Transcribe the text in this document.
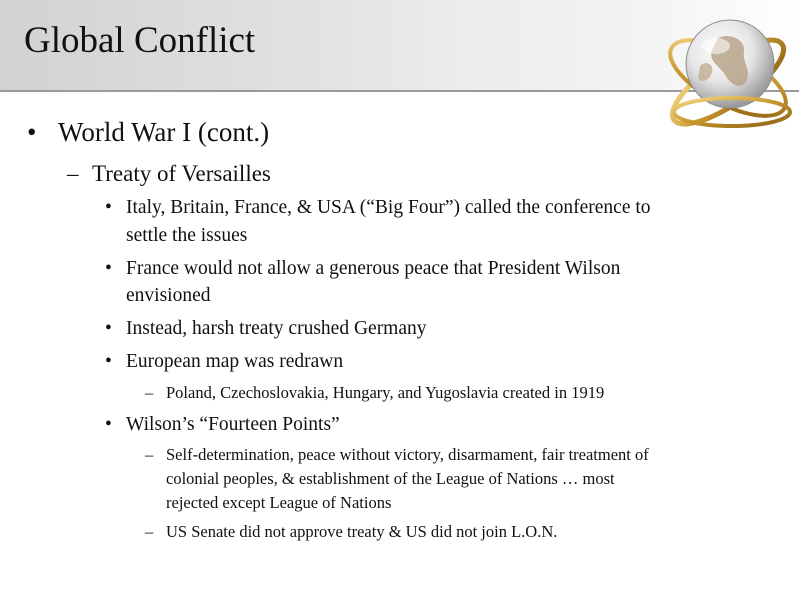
Global Conflict
• World War I (cont.)
– Treaty of Versailles
• Italy, Britain, France, & USA (“Big Four”) called the conference to
settle the issues
• France would not allow a generous peace that President Wilson
envisioned
• Instead, harsh treaty crushed Germany
• European map was redrawn
– Poland, Czechoslovakia, Hungary, and Yugoslavia created in 1919
• Wilson’s “Fourteen Points”
– Self-determination, peace without victory, disarmament, fair treatment of
colonial peoples, & establishment of the League of Nations … most
rejected except League of Nations
– US Senate did not approve treaty & US did not join L.O.N.
